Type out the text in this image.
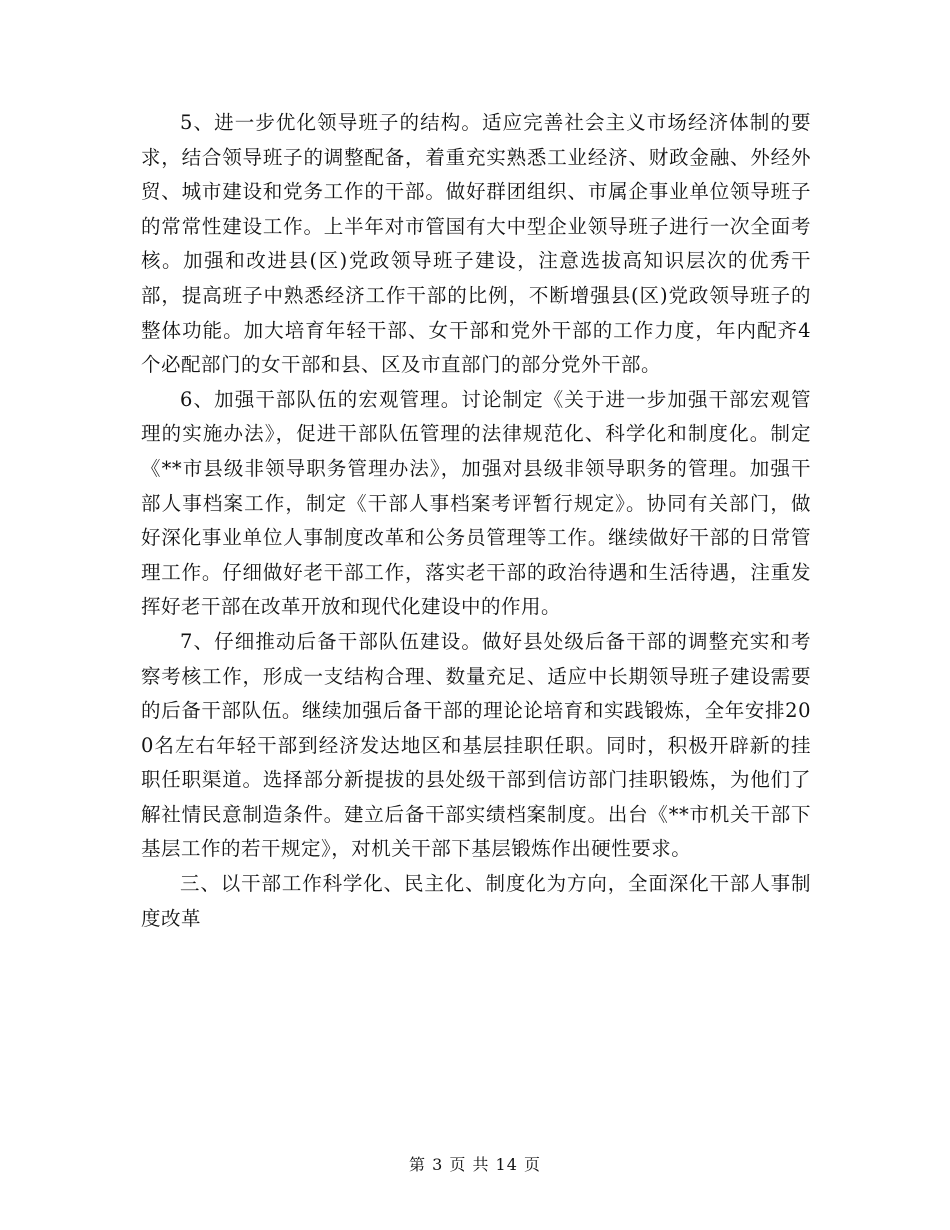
5、进一步优化领导班子的结构。适应完善社会主义市场经济体制的要求，结合领导班子的调整配备，着重充实熟悉工业经济、财政金融、外经外贸、城市建设和党务工作的干部。做好群团组织、市属企事业单位领导班子的常常性建设工作。上半年对市管国有大中型企业领导班子进行一次全面考核。加强和改进县(区)党政领导班子建设，注意选拔高知识层次的优秀干部，提高班子中熟悉经济工作干部的比例，不断增强县(区)党政领导班子的整体功能。加大培育年轻干部、女干部和党外干部的工作力度，年内配齐4个必配部门的女干部和县、区及市直部门的部分党外干部。

6、加强干部队伍的宏观管理。讨论制定《关于进一步加强干部宏观管理的实施办法》，促进干部队伍管理的法律规范化、科学化和制度化。制定《**市县级非领导职务管理办法》，加强对县级非领导职务的管理。加强干部人事档案工作，制定《干部人事档案考评暂行规定》。协同有关部门，做好深化事业单位人事制度改革和公务员管理等工作。继续做好干部的日常管理工作。仔细做好老干部工作，落实老干部的政治待遇和生活待遇，注重发挥好老干部在改革开放和现代化建设中的作用。

7、仔细推动后备干部队伍建设。做好县处级后备干部的调整充实和考察考核工作，形成一支结构合理、数量充足、适应中长期领导班子建设需要的后备干部队伍。继续加强后备干部的理论论培育和实践锻炼，全年安排200名左右年轻干部到经济发达地区和基层挂职任职。同时，积极开辟新的挂职任职渠道。选择部分新提拔的县处级干部到信访部门挂职锻炼，为他们了解社情民意制造条件。建立后备干部实绩档案制度。出台《**市机关干部下基层工作的若干规定》，对机关干部下基层锻炼作出硬性要求。

三、以干部工作科学化、民主化、制度化为方向，全面深化干部人事制度改革

第 3 页 共 14 页
